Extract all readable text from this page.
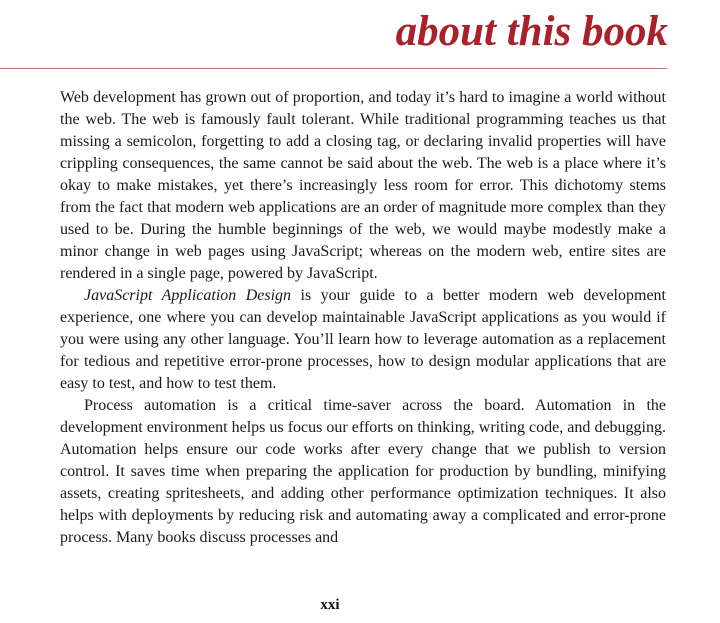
about this book

Web development has grown out of proportion, and today it’s hard to imagine a world without the web. The web is famously fault tolerant. While traditional programming teaches us that missing a semicolon, forgetting to add a closing tag, or declaring invalid properties will have crippling consequences, the same cannot be said about the web. The web is a place where it’s okay to make mistakes, yet there’s increasingly less room for error. This dichotomy stems from the fact that modern web applications are an order of magnitude more complex than they used to be. During the humble beginnings of the web, we would maybe modestly make a minor change in web pages using JavaScript; whereas on the modern web, entire sites are rendered in a single page, powered by JavaScript.

JavaScript Application Design is your guide to a better modern web development experience, one where you can develop maintainable JavaScript applications as you would if you were using any other language. You’ll learn how to leverage automation as a replacement for tedious and repetitive error-prone processes, how to design modular applications that are easy to test, and how to test them.

Process automation is a critical time-saver across the board. Automation in the development environment helps us focus our efforts on thinking, writing code, and debugging. Automation helps ensure our code works after every change that we publish to version control. It saves time when preparing the application for production by bundling, minifying assets, creating spritesheets, and adding other performance optimization techniques. It also helps with deployments by reducing risk and automating away a complicated and error-prone process. Many books discuss processes and

xxi
